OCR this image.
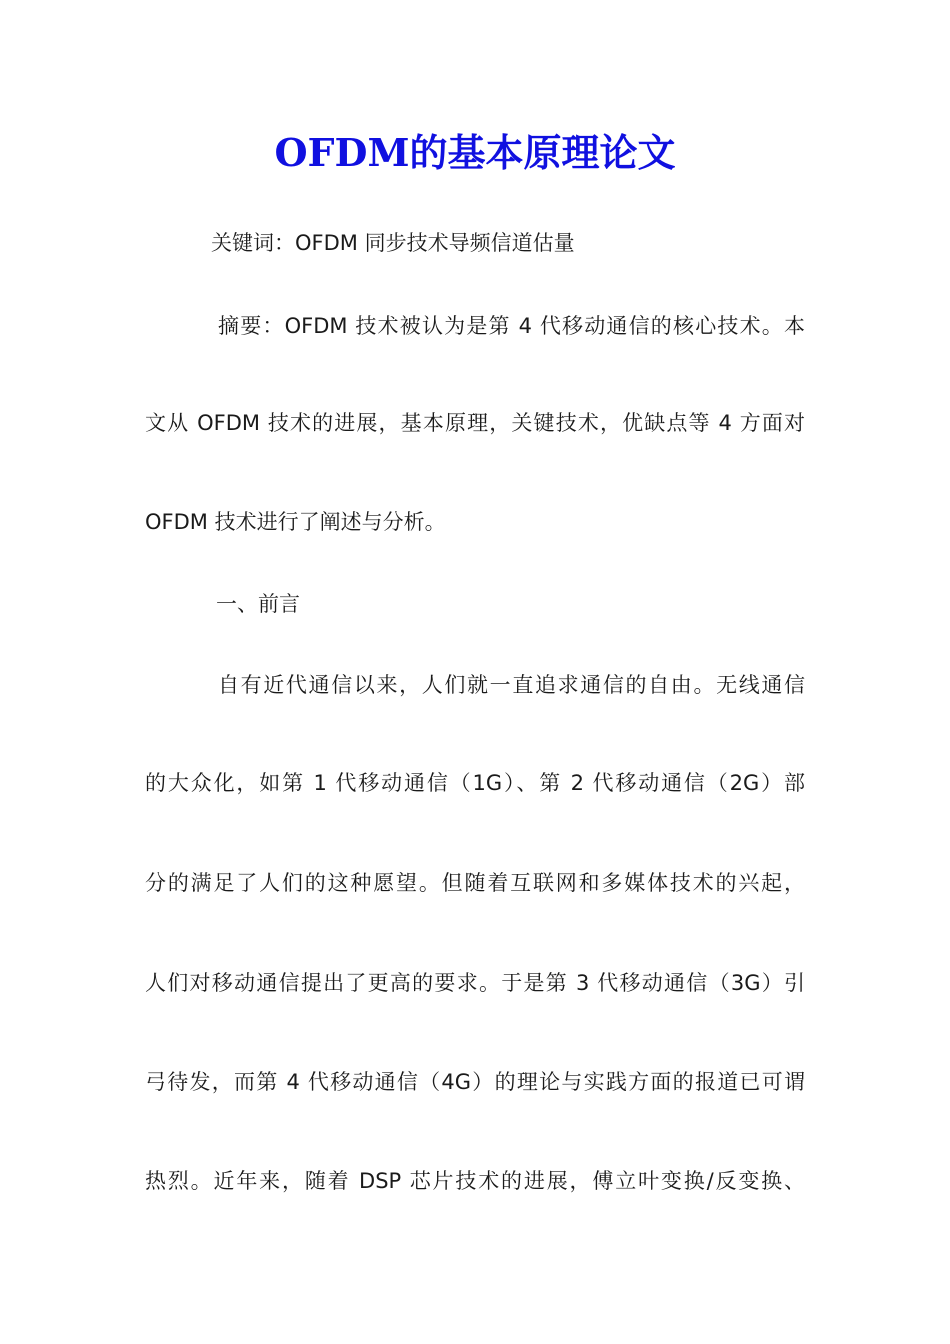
OFDM的基本原理论文
关键词：OFDM 同步技术导频信道估量
摘要：OFDM 技术被认为是第 4 代移动通信的核心技术。本
文从 OFDM 技术的进展，基本原理，关键技术，优缺点等 4 方面对
OFDM 技术进行了阐述与分析。
一、前言
自有近代通信以来，人们就一直追求通信的自由。无线通信
的大众化，如第 1 代移动通信（1G）、第 2 代移动通信（2G）部
分的满足了人们的这种愿望。但随着互联网和多媒体技术的兴起，
人们对移动通信提出了更高的要求。于是第 3 代移动通信（3G）引
弓待发，而第 4 代移动通信（4G）的理论与实践方面的报道已可谓
热烈。近年来，随着 DSP 芯片技术的进展，傅立叶变换/反变换、
